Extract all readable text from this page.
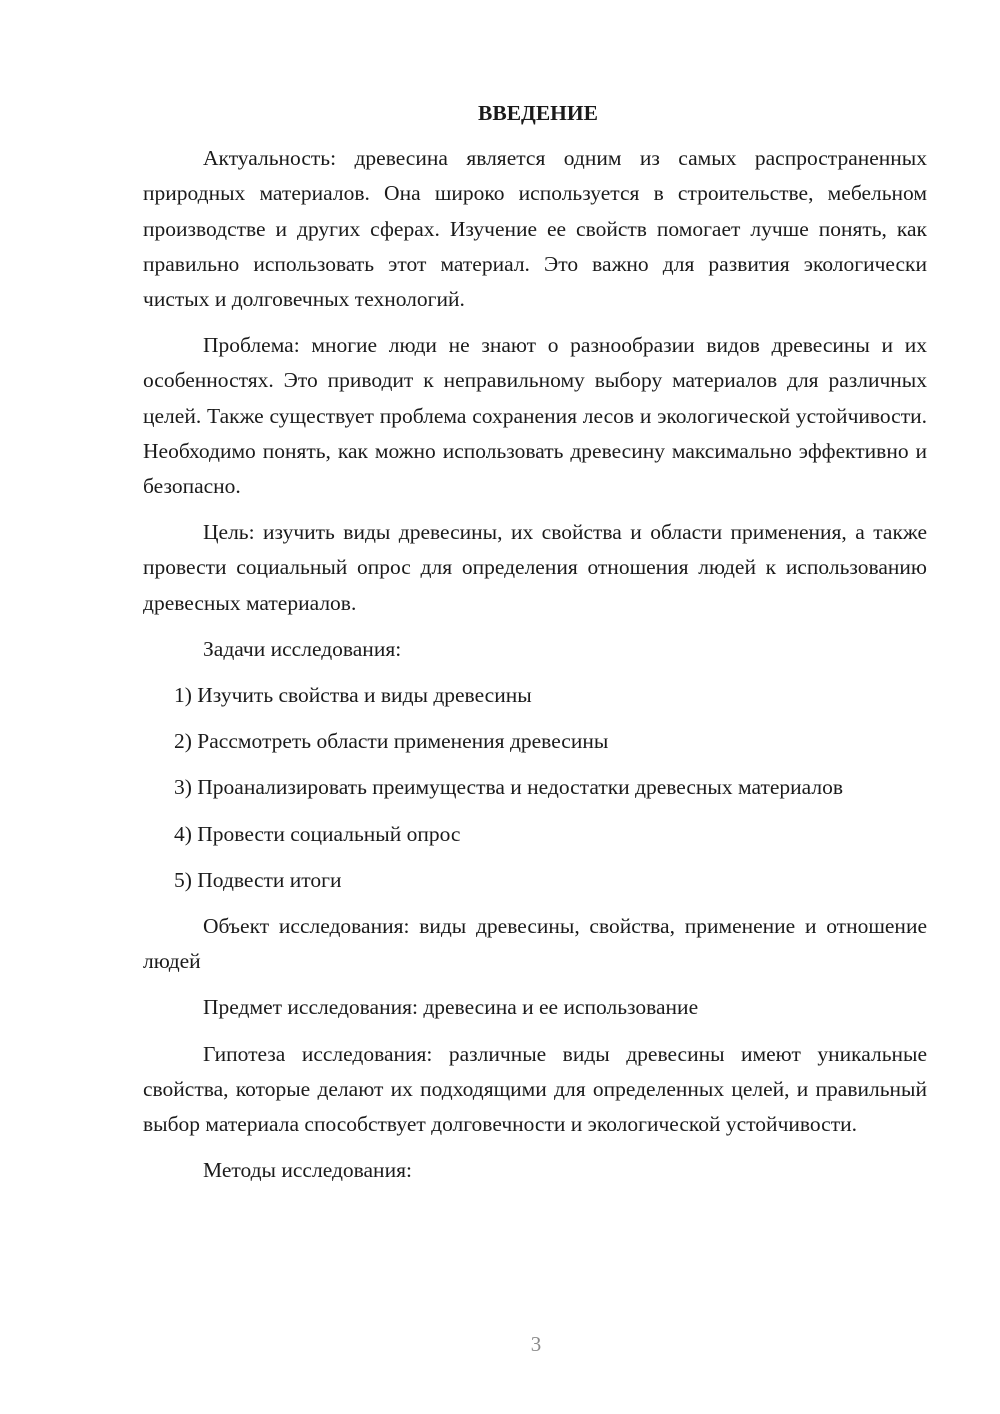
ВВЕДЕНИЕ
Актуальность: древесина является одним из самых распространенных природных материалов. Она широко используется в строительстве, мебельном производстве и других сферах. Изучение ее свойств помогает лучше понять, как правильно использовать этот материал. Это важно для развития экологически чистых и долговечных технологий.
Проблема: многие люди не знают о разнообразии видов древесины и их особенностях. Это приводит к неправильному выбору материалов для различных целей. Также существует проблема сохранения лесов и экологической устойчивости. Необходимо понять, как можно использовать древесину максимально эффективно и безопасно.
Цель: изучить виды древесины, их свойства и области применения, а также провести социальный опрос для определения отношения людей к использованию древесных материалов.
Задачи исследования:
1) Изучить свойства и виды древесины
2) Рассмотреть области применения древесины
3) Проанализировать преимущества и недостатки древесных материалов
4) Провести социальный опрос
5) Подвести итоги
Объект исследования: виды древесины, свойства, применение и отношение людей
Предмет исследования: древесина и ее использование
Гипотеза исследования: различные виды древесины имеют уникальные свойства, которые делают их подходящими для определенных целей, и правильный выбор материала способствует долговечности и экологической устойчивости.
Методы исследования:
3
